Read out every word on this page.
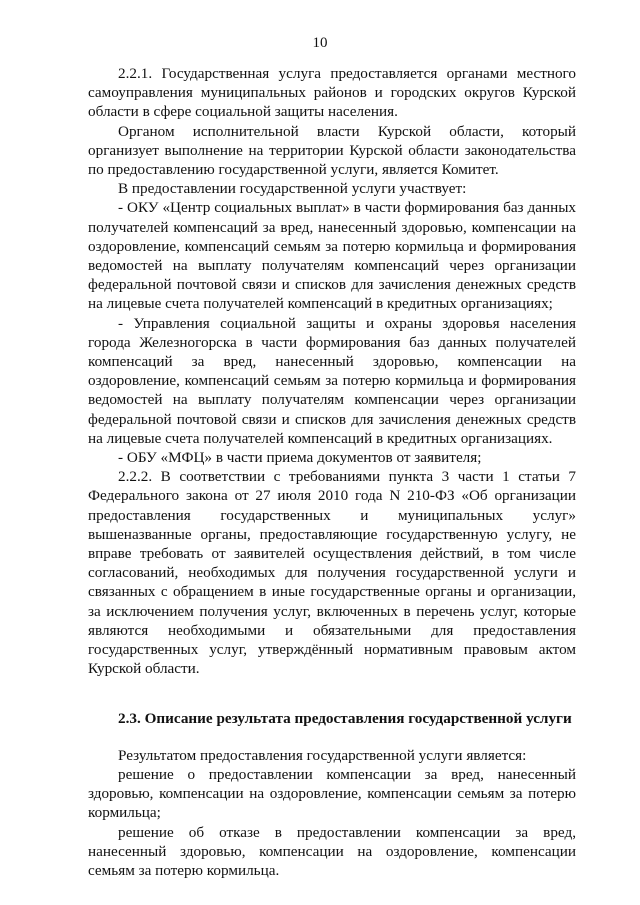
10

2.2.1. Государственная услуга предоставляется органами местного самоуправления муниципальных районов и городских округов Курской области в сфере социальной защиты населения.

Органом исполнительной власти Курской области, который организует выполнение на территории Курской области законодательства по предоставлению государственной услуги, является Комитет.

В предоставлении государственной услуги участвует:

- ОКУ «Центр социальных выплат» в части формирования баз данных получателей компенсаций за вред, нанесенный здоровью, компенсации на оздоровление, компенсаций семьям за потерю кормильца и формирования ведомостей на выплату получателям компенсаций через организации федеральной почтовой связи и списков для зачисления денежных средств на лицевые счета получателей компенсаций в кредитных организациях;

- Управления социальной защиты и охраны здоровья населения города Железногорска в части формирования баз данных получателей компенсаций за вред, нанесенный здоровью, компенсации на оздоровление, компенсаций семьям за потерю кормильца и формирования ведомостей на выплату получателям компенсации через организации федеральной почтовой связи и списков для зачисления денежных средств на лицевые счета получателей компенсаций в кредитных организациях.

- ОБУ «МФЦ» в части приема документов от заявителя;

2.2.2. В соответствии с требованиями пункта 3 части 1 статьи 7 Федерального закона от 27 июля 2010 года N 210-ФЗ «Об организации предоставления государственных и муниципальных услуг» вышеназванные органы, предоставляющие государственную услугу, не вправе требовать от заявителей осуществления действий, в том числе согласований, необходимых для получения государственной услуги и связанных с обращением в иные государственные органы и организации, за исключением получения услуг, включенных в перечень услуг, которые являются необходимыми и обязательными для предоставления государственных услуг, утверждённый нормативным правовым актом Курской области.

2.3. Описание результата предоставления государственной услуги

Результатом предоставления государственной услуги является:

решение о предоставлении компенсации за вред, нанесенный здоровью, компенсации на оздоровление, компенсации семьям за потерю кормильца;

решение об отказе в предоставлении компенсации за вред, нанесенный здоровью, компенсации на оздоровление, компенсации семьям за потерю кормильца.
